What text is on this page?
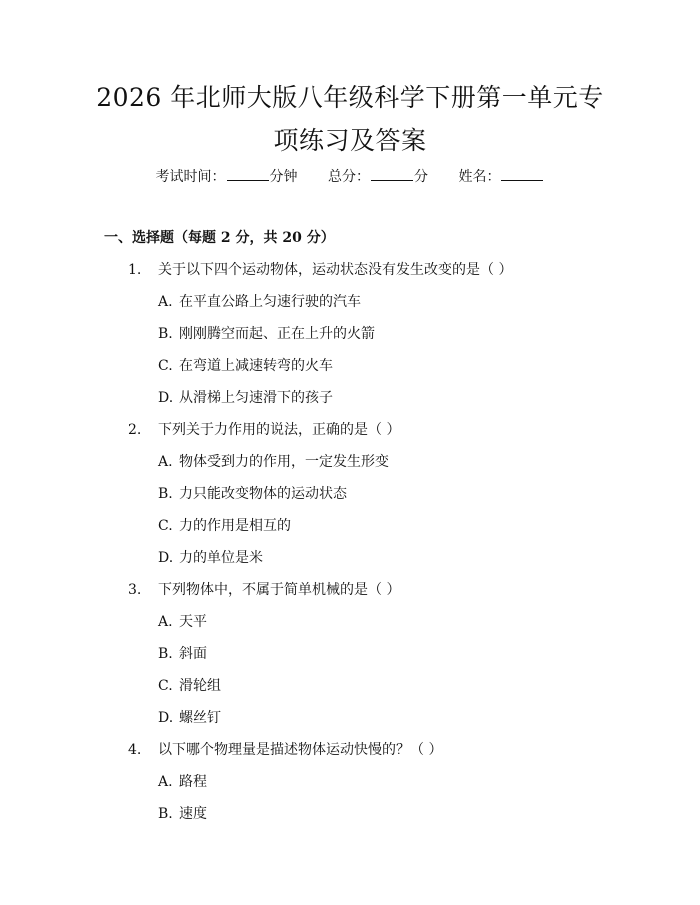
2026 年北师大版八年级科学下册第一单元专
项练习及答案
考试时间：	分钟 总分：	分 姓名：
一、选择题（每题 2 分，共 20 分）
1. 关于以下四个运动物体，运动状态没有发生改变的是（ ）
A. 在平直公路上匀速行驶的汽车
B. 刚刚腾空而起、正在上升的火箭
C. 在弯道上减速转弯的火车
D. 从滑梯上匀速滑下的孩子
2. 下列关于力作用的说法，正确的是（ ）
A. 物体受到力的作用，一定发生形变
B. 力只能改变物体的运动状态
C. 力的作用是相互的
D. 力的单位是米
3. 下列物体中，不属于简单机械的是（ ）
A. 天平
B. 斜面
C. 滑轮组
D. 螺丝钉
4. 以下哪个物理量是描述物体运动快慢的？（ ）
A. 路程
B. 速度
